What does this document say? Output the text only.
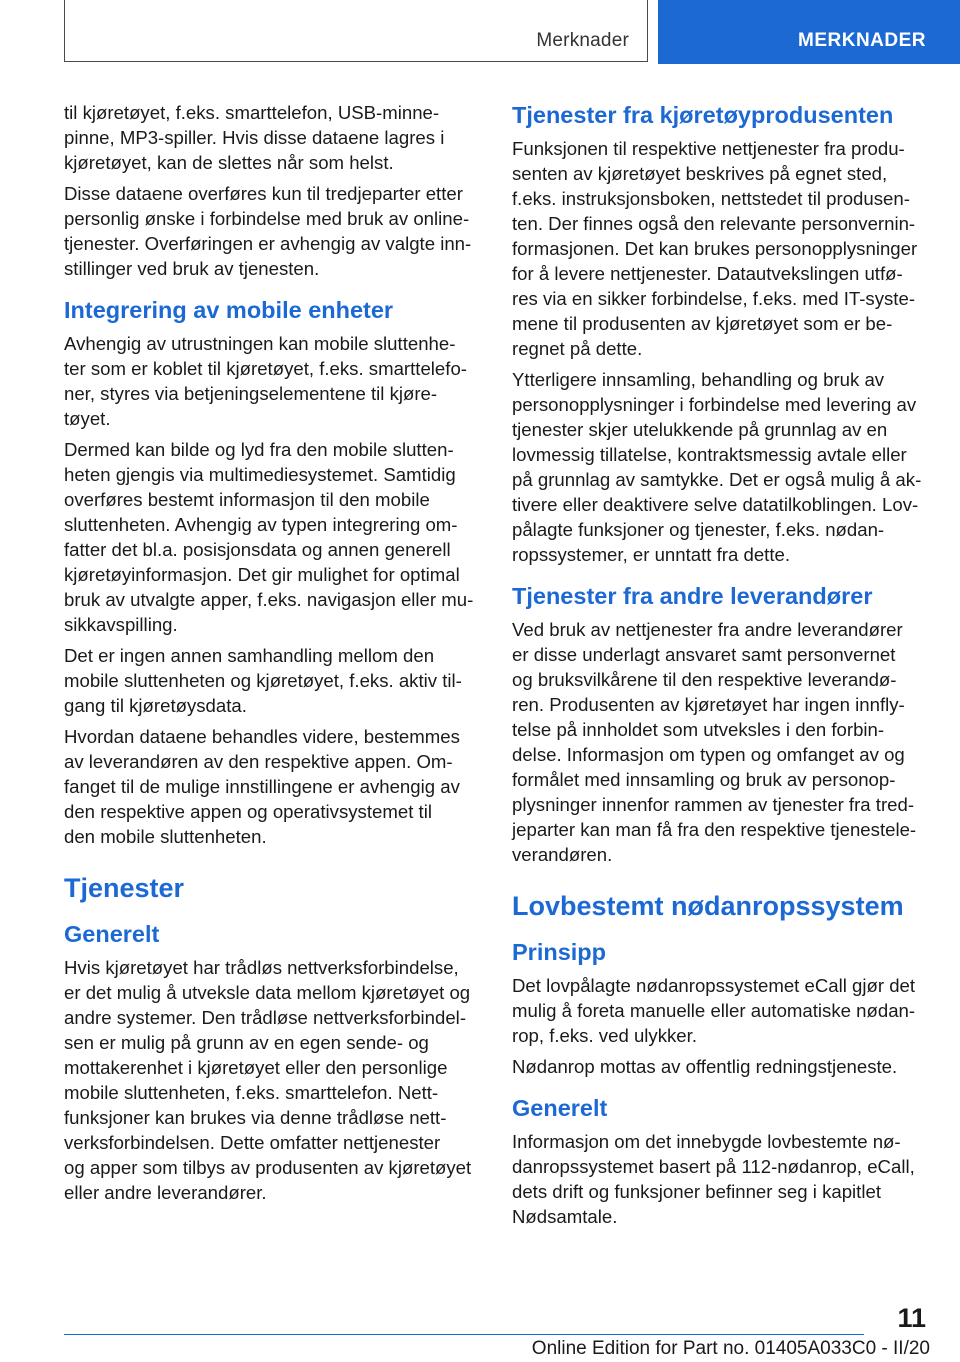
Merknader	MERKNADER

til kjøretøyet, f.eks. smarttelefon, USB-minne-
pinne, MP3-spiller. Hvis disse dataene lagres i
kjøretøyet, kan de slettes når som helst.

Disse dataene overføres kun til tredjeparter etter
personlig ønske i forbindelse med bruk av online-
tjenester. Overføringen er avhengig av valgte inn-
stillinger ved bruk av tjenesten.

Integrering av mobile enheter

Avhengig av utrustningen kan mobile sluttenhe-
ter som er koblet til kjøretøyet, f.eks. smarttelefo-
ner, styres via betjeningselementene til kjøre-
tøyet.

Dermed kan bilde og lyd fra den mobile slutten-
heten gjengis via multimediesystemet. Samtidig
overføres bestemt informasjon til den mobile
sluttenheten. Avhengig av typen integrering om-
fatter det bl.a. posisjonsdata og annen generell
kjøretøyinformasjon. Det gir mulighet for optimal
bruk av utvalgte apper, f.eks. navigasjon eller mu-
sikkavspilling.

Det er ingen annen samhandling mellom den
mobile sluttenheten og kjøretøyet, f.eks. aktiv til-
gang til kjøretøysdata.

Hvordan dataene behandles videre, bestemmes
av leverandøren av den respektive appen. Om-
fanget til de mulige innstillingene er avhengig av
den respektive appen og operativsystemet til
den mobile sluttenheten.

Tjenester
Generelt

Hvis kjøretøyet har trådløs nettverksforbindelse,
er det mulig å utveksle data mellom kjøretøyet og
andre systemer. Den trådløse nettverksforbindel-
sen er mulig på grunn av en egen sende- og
mottakerenhet i kjøretøyet eller den personlige
mobile sluttenheten, f.eks. smarttelefon. Nett-
funksjoner kan brukes via denne trådløse nett-
verksforbindelsen. Dette omfatter nettjenester
og apper som tilbys av produsenten av kjøretøyet
eller andre leverandører.

Tjenester fra kjøretøyprodusenten

Funksjonen til respektive nettjenester fra produ-
senten av kjøretøyet beskrives på egnet sted,
f.eks. instruksjonsboken, nettstedet til produsen-
ten. Der finnes også den relevante personvernin-
formasjonen. Det kan brukes personopplysninger
for å levere nettjenester. Datautvekslingen utfø-
res via en sikker forbindelse, f.eks. med IT-syste-
mene til produsenten av kjøretøyet som er be-
regnet på dette.

Ytterligere innsamling, behandling og bruk av
personopplysninger i forbindelse med levering av
tjenester skjer utelukkende på grunnlag av en
lovmessig tillatelse, kontraktsmessig avtale eller
på grunnlag av samtykke. Det er også mulig å ak-
tivere eller deaktivere selve datatilkoblingen. Lov-
pålagte funksjoner og tjenester, f.eks. nødan-
ropssystemer, er unntatt fra dette.

Tjenester fra andre leverandører

Ved bruk av nettjenester fra andre leverandører
er disse underlagt ansvaret samt personvernet
og bruksvilkårene til den respektive leverandø-
ren. Produsenten av kjøretøyet har ingen innfly-
telse på innholdet som utveksles i den forbin-
delse. Informasjon om typen og omfanget av og
formålet med innsamling og bruk av personop-
plysninger innenfor rammen av tjenester fra tred-
jeparter kan man få fra den respektive tjenestele-
verandøren.

Lovbestemt nødanropssystem
Prinsipp

Det lovpålagte nødanropssystemet eCall gjør det
mulig å foreta manuelle eller automatiske nødan-
rop, f.eks. ved ulykker.

Nødanrop mottas av offentlig redningstjeneste.

Generelt

Informasjon om det innebygde lovbestemte nø-
danropssystemet basert på 112-nødanrop, eCall,
dets drift og funksjoner befinner seg i kapitlet
Nødsamtale.

11
Online Edition for Part no. 01405A033C0 - II/20
